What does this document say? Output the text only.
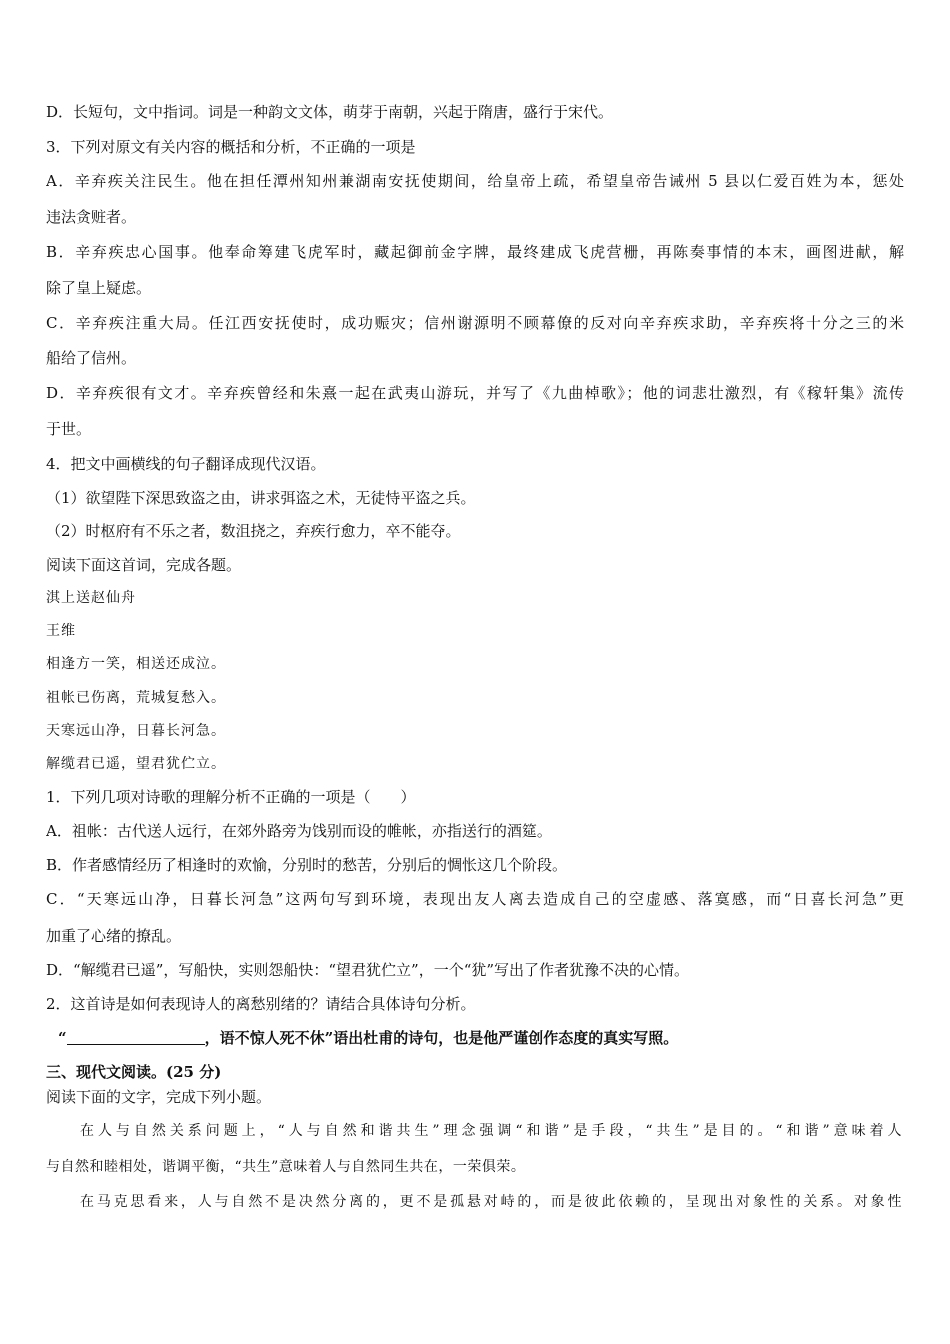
D．长短句，文中指词。词是一种韵文文体，萌芽于南朝，兴起于隋唐，盛行于宋代。
3．下列对原文有关内容的概括和分析，不正确的一项是
A．辛弃疾关注民生。他在担任潭州知州兼湖南安抚使期间，给皇帝上疏，希望皇帝告诫州 5 县以仁爱百姓为本，惩处
违法贪赃者。
B．辛弃疾忠心国事。他奉命筹建飞虎军时，藏起御前金字牌，最终建成飞虎营栅，再陈奏事情的本末，画图进献，解
除了皇上疑虑。
C．辛弃疾注重大局。任江西安抚使时，成功赈灾；信州谢源明不顾幕僚的反对向辛弃疾求助，辛弃疾将十分之三的米
船给了信州。
D．辛弃疾很有文才。辛弃疾曾经和朱熹一起在武夷山游玩，并写了《九曲棹歌》；他的词悲壮激烈，有《稼轩集》流传
于世。
4．把文中画横线的句子翻译成现代汉语。
（1）欲望陛下深思致盗之由，讲求弭盗之术，无徒恃平盗之兵。
（2）时枢府有不乐之者，数沮挠之，弃疾行愈力，卒不能夺。
阅读下面这首词，完成各题。
淇上送赵仙舟
王维
相逢方一笑，相送还成泣。
祖帐已伤离，荒城复愁入。
天寒远山净，日暮长河急。
解缆君已遥，望君犹伫立。
1．下列几项对诗歌的理解分析不正确的一项是（　　）
A．祖帐：古代送人远行，在郊外路旁为饯别而设的帷帐，亦指送行的酒筵。
B．作者感情经历了相逢时的欢愉，分别时的愁苦，分别后的惆怅这几个阶段。
C．“天寒远山净，日暮长河急”这两句写到环境，表现出友人离去造成自己的空虚感、落寞感，而“日喜长河急”更
加重了心绪的撩乱。
D．“解缆君已遥”，写船快，实则怨船快：“望君犹伫立”，一个“犹”写出了作者犹豫不决的心情。
2．这首诗是如何表现诗人的离愁别绪的？请结合具体诗句分析。
“	，语不惊人死不休”语出杜甫的诗句，也是他严谨创作态度的真实写照。
三、现代文阅读。(25 分)
阅读下面的文字，完成下列小题。
在人与自然关系问题上，“人与自然和谐共生”理念强调“和谐”是手段，“共生”是目的。“和谐”意味着人
与自然和睦相处，谐调平衡，“共生”意味着人与自然同生共在，一荣俱荣。
在马克思看来，人与自然不是决然分离的，更不是孤悬对峙的，而是彼此依赖的，呈现出对象性的关系。对象性
